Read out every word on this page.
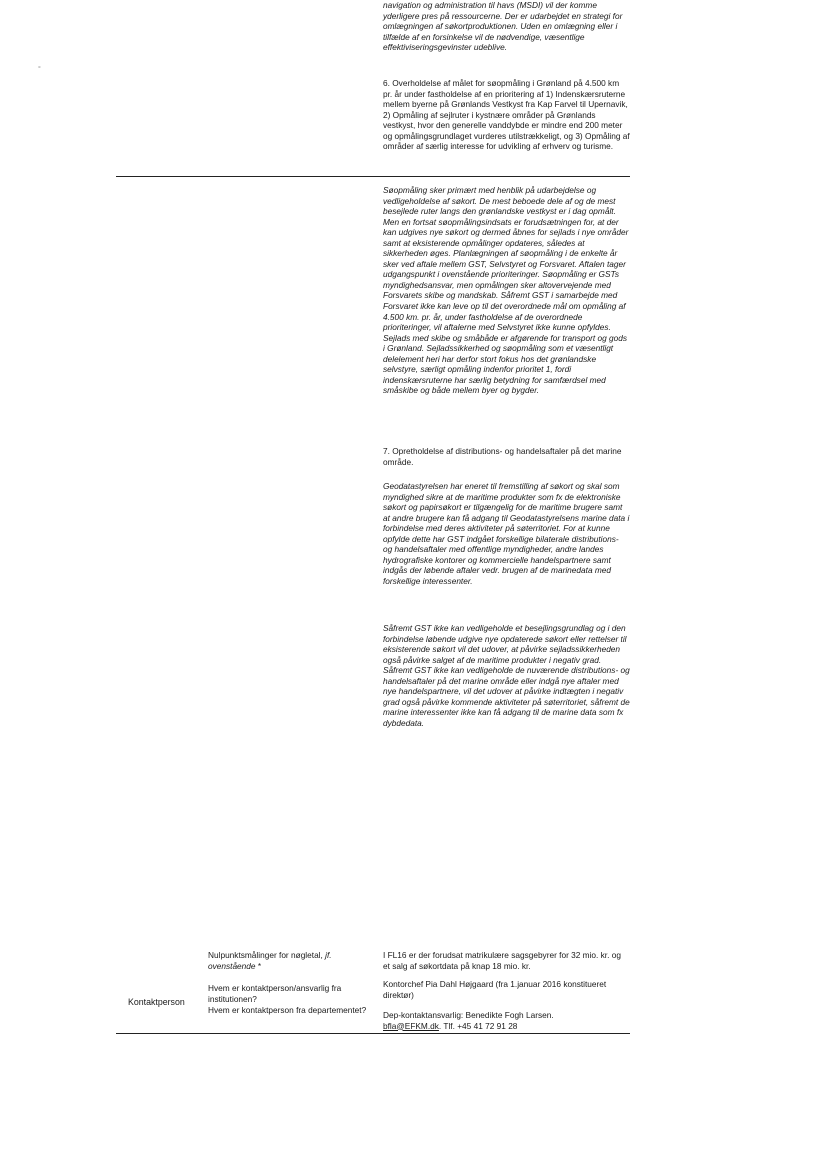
°

navigation og administration til havs (MSDI) vil der komme yderligere pres på ressourcerne. Der er udarbejdet en strategi for omlægningen af søkortproduktionen. Uden en omlægning eller i tilfælde af en forsinkelse vil de nødvendige, væsentlige effektiviseringsgevinster udeblive.

6. Overholdelse af målet for søopmåling i Grønland på 4.500 km pr. år under fastholdelse af en prioritering af 1) Indenskærsruterne mellem byerne på Grønlands Vestkyst fra Kap Farvel til Upernavik, 2) Opmåling af sejlruter i kystnære områder på Grønlands vestkyst, hvor den generelle vanddybde er mindre end 200 meter og opmålingsgrundlaget vurderes utilstrækkeligt, og 3) Opmåling af områder af særlig interesse for udvikling af erhverv og turisme.

Søopmåling sker primært med henblik på udarbejdelse og vedligeholdelse af søkort. De mest beboede dele af og de mest besejlede ruter langs den grønlandske vestkyst er i dag opmålt. Men en fortsat søopmålingsindsats er forudsætningen for, at der kan udgives nye søkort og dermed åbnes for sejlads i nye områder samt at eksisterende opmålinger opdateres, således at sikkerheden øges. Planlægningen af søopmåling i de enkelte år sker ved aftale mellem GST, Selvstyret og Forsvaret. Aftalen tager udgangspunkt i ovenstående prioriteringer. Søopmåling er GSTs myndighedsansvar, men opmålingen sker altovervejende med Forsvarets skibe og mandskab. Såfremt GST i samarbejde med Forsvaret ikke kan leve op til det overordnede mål om opmåling af 4.500 km. pr. år, under fastholdelse af de overordnede prioriteringer, vil aftalerne med Selvstyret ikke kunne opfyldes. Sejlads med skibe og småbåde er afgørende for transport og gods i Grønland. Sejladssikkerhed og søopmåling som et væsentligt delelement heri har derfor stort fokus hos det grønlandske selvstyre, særligt opmåling indenfor prioritet 1, fordi indenskærsruterne har særlig betydning for samfærdsel med småskibe og både mellem byer og bygder.

7. Opretholdelse af distributions- og handelsaftaler på det marine område.

Geodatastyrelsen har eneret til fremstilling af søkort og skal som myndighed sikre at de maritime produkter som fx de elektroniske søkort og papirsøkort er tilgængelig for de maritime brugere samt at andre brugere kan få adgang til Geodatastyrelsens marine data i forbindelse med deres aktiviteter på søterritoriet. For at kunne opfylde dette har GST indgået forskellige bilaterale distributions- og handelsaftaler med offentlige myndigheder, andre landes hydrografiske kontorer og kommercielle handelspartnere samt indgås der løbende aftaler vedr. brugen af de marinedata med forskellige interessenter.

Såfremt GST ikke kan vedligeholde et besejlingsgrundlag og i den forbindelse løbende udgive nye opdaterede søkort eller rettelser til eksisterende søkort vil det udover, at påvirke sejladssikkerheden også påvirke salget af de maritime produkter i negativ grad. Såfremt GST ikke kan vedligeholde de nuværende distributions- og handelsaftaler på det marine område eller indgå nye aftaler med nye handelspartnere, vil det udover at påvirke indtægten i negativ grad også påvirke kommende aktiviteter på søterritoriet, såfremt de marine interessenter ikke kan få adgang til de marine data som fx dybdedata.

Nulpunktsmålinger for nøgletal, jf. ovenstående *
I FL16 er der forudsat matrikulære sagsgebyrer for 32 mio. kr. og et salg af søkortdata på knap 18 mio. kr.
Kontaktperson
Hvem er kontaktperson/ansvarlig fra institutionen?
Kontorchef Pia Dahl Højgaard (fra 1.januar 2016 konstitueret direktør)
Hvem er kontaktperson fra departementet? Dep-kontaktansvarlig: Benedikte Fogh Larsen.
bfla@EFKM.dk. Tlf. +45 41 72 91 28
